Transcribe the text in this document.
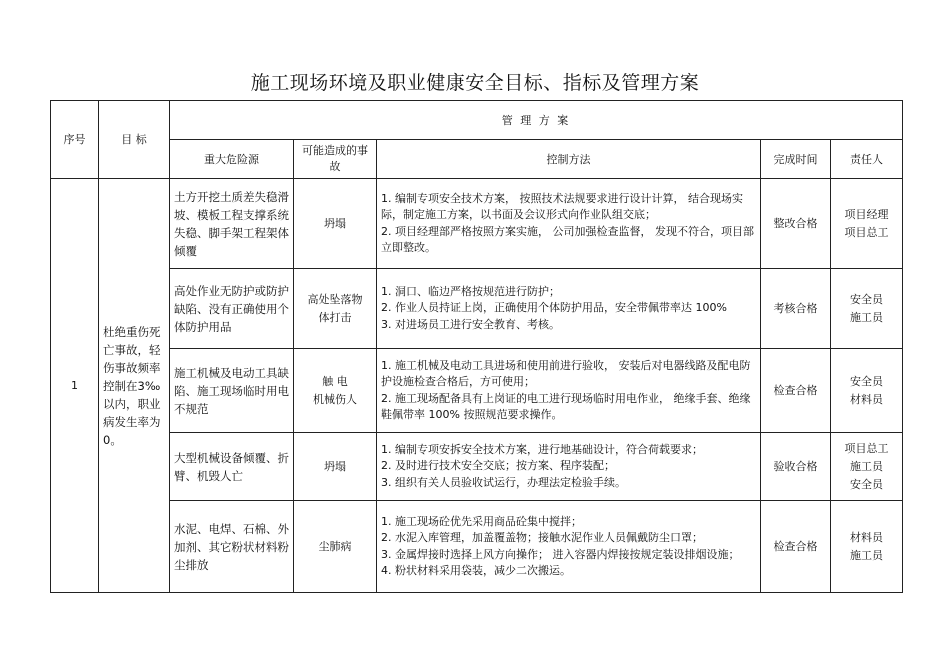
施工现场环境及职业健康安全目标、指标及管理方案
序号	目 标	管 理 方 案				
		重大危险源	可能造成的事故	控制方法	完成时间	责任人
1	杜绝重伤死亡事故，轻伤事故频率控制在3‰以内，职业病发生率为0。	土方开挖土质差失稳滑坡、模板工程支撑系统失稳、脚手架工程架体倾覆	坍塌	1. 编制专项安全技术方案， 按照技术法规要求进行设计计算， 结合现场实际，制定施工方案，以书面及会议形式向作业队组交底；
2. 项目经理部严格按照方案实施， 公司加强检查监督， 发现不符合，项目部立即整改。	整改合格	项目经理
项目总工
		高处作业无防护或防护缺陷、没有正确使用个体防护用品	高处坠落物体打击	1. 洞口、临边严格按规范进行防护；
2. 作业人员持证上岗，正确使用个体防护用品，安全带佩带率达 100%
3. 对进场员工进行安全教育、考核。	考核合格	安全员
施工员
		施工机械及电动工具缺陷、施工现场临时用电不规范	触 电
机械伤人	1. 施工机械及电动工具进场和使用前进行验收， 安装后对电器线路及配电防护设施检查合格后，方可使用；
2. 施工现场配备具有上岗证的电工进行现场临时用电作业， 绝缘手套、绝缘鞋佩带率 100% 按照规范要求操作。	检查合格	安全员
材料员
		大型机械设备倾覆、折臂、机毁人亡	坍塌	1. 编制专项安拆安全技术方案，进行地基础设计，符合荷载要求；
2. 及时进行技术安全交底；按方案、程序装配；
3. 组织有关人员验收试运行，办理法定检验手续。	验收合格	项目总工
施工员
安全员
		水泥、电焊、石棉、外加剂、其它粉状材料粉尘排放	尘肺病	1. 施工现场砼优先采用商品砼集中搅拌；
2. 水泥入库管理，加盖覆盖物；接触水泥作业人员佩戴防尘口罩；
3. 金属焊接时选择上风方向操作； 进入容器内焊接按规定装设排烟设施；
4. 粉状材料采用袋装，减少二次搬运。	检查合格	材料员
施工员
